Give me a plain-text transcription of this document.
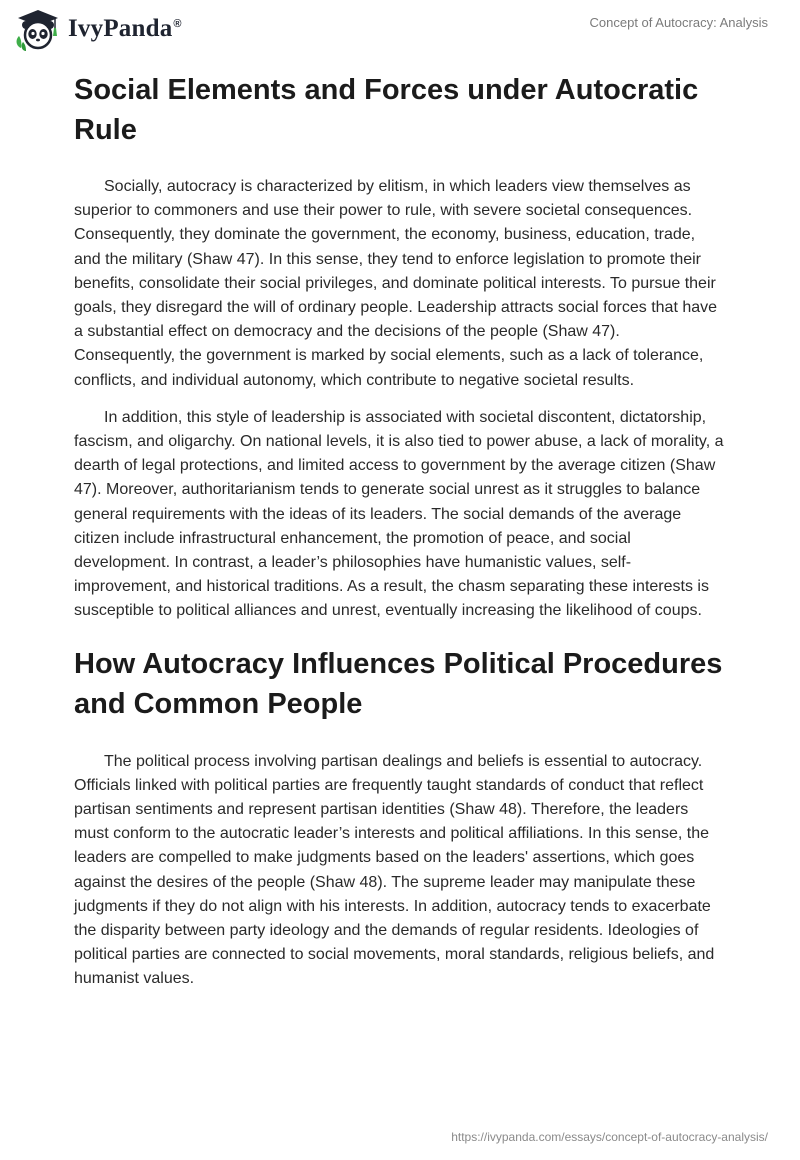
IvyPanda®	Concept of Autocracy: Analysis
Social Elements and Forces under Autocratic Rule

Socially, autocracy is characterized by elitism, in which leaders view themselves as superior to commoners and use their power to rule, with severe societal consequences. Consequently, they dominate the government, the economy, business, education, trade, and the military (Shaw 47). In this sense, they tend to enforce legislation to promote their benefits, consolidate their social privileges, and dominate political interests. To pursue their goals, they disregard the will of ordinary people. Leadership attracts social forces that have a substantial effect on democracy and the decisions of the people (Shaw 47). Consequently, the government is marked by social elements, such as a lack of tolerance, conflicts, and individual autonomy, which contribute to negative societal results.

In addition, this style of leadership is associated with societal discontent, dictatorship, fascism, and oligarchy. On national levels, it is also tied to power abuse, a lack of morality, a dearth of legal protections, and limited access to government by the average citizen (Shaw 47). Moreover, authoritarianism tends to generate social unrest as it struggles to balance general requirements with the ideas of its leaders. The social demands of the average citizen include infrastructural enhancement, the promotion of peace, and social development. In contrast, a leader’s philosophies have humanistic values, self-improvement, and historical traditions. As a result, the chasm separating these interests is susceptible to political alliances and unrest, eventually increasing the likelihood of coups.

How Autocracy Influences Political Procedures and Common People

The political process involving partisan dealings and beliefs is essential to autocracy. Officials linked with political parties are frequently taught standards of conduct that reflect partisan sentiments and represent partisan identities (Shaw 48). Therefore, the leaders must conform to the autocratic leader’s interests and political affiliations. In this sense, the leaders are compelled to make judgments based on the leaders' assertions, which goes against the desires of the people (Shaw 48). The supreme leader may manipulate these judgments if they do not align with his interests. In addition, autocracy tends to exacerbate the disparity between party ideology and the demands of regular residents. Ideologies of political parties are connected to social movements, moral standards, religious beliefs, and humanist values.

https://ivypanda.com/essays/concept-of-autocracy-analysis/
